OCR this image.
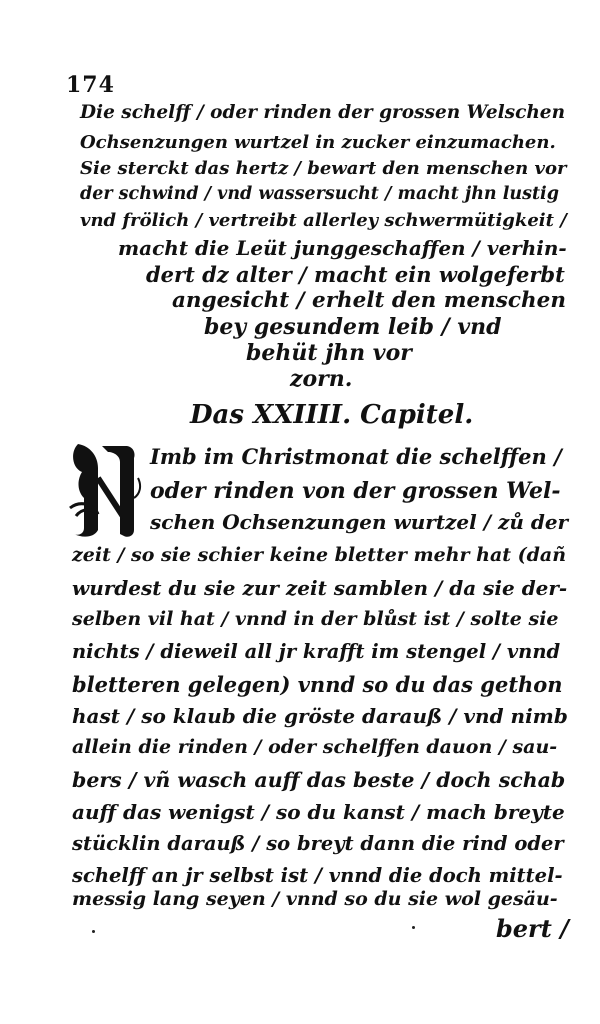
174
Die schelff / oder rinden der grossen Welschen
Ochsenzungen wurtzel in zucker einzumachen.
Sie sterckt das hertz / bewart den menschen vor
der schwind / vnd wassersucht / macht jhn lustig
vnd frölich / vertreibt allerley schwermütigkeit /
macht die Leüt junggeschaffen / verhin-
dert dz alter / macht ein wolgeferbt
angesicht / erhelt den menschen
bey gesundem leib / vnd
behüt jhn vor
zorn.
Das XXIIII. Capitel.
Imb im Christmonat die schelffen /
oder rinden von der grossen Wel-
schen Ochsenzungen wurtzel / zů der
zeit / so sie schier keine bletter mehr hat (dañ
wurdest du sie zur zeit samblen / da sie der-
selben vil hat / vnnd in der blůst ist / solte sie
nichts / dieweil all jr krafft im stengel / vnnd
bletteren gelegen) vnnd so du das gethon
hast / so klaub die gröste darauß / vnd nimb
allein die rinden / oder schelffen dauon / sau-
bers / vñ wasch auff das beste / doch schab
auff das wenigst / so du kanst / mach breyte
stücklin darauß / so breyt dann die rind oder
schelff an jr selbst ist / vnnd die doch mittel-
messig lang seyen / vnnd so du sie wol gesäu-
bert /
